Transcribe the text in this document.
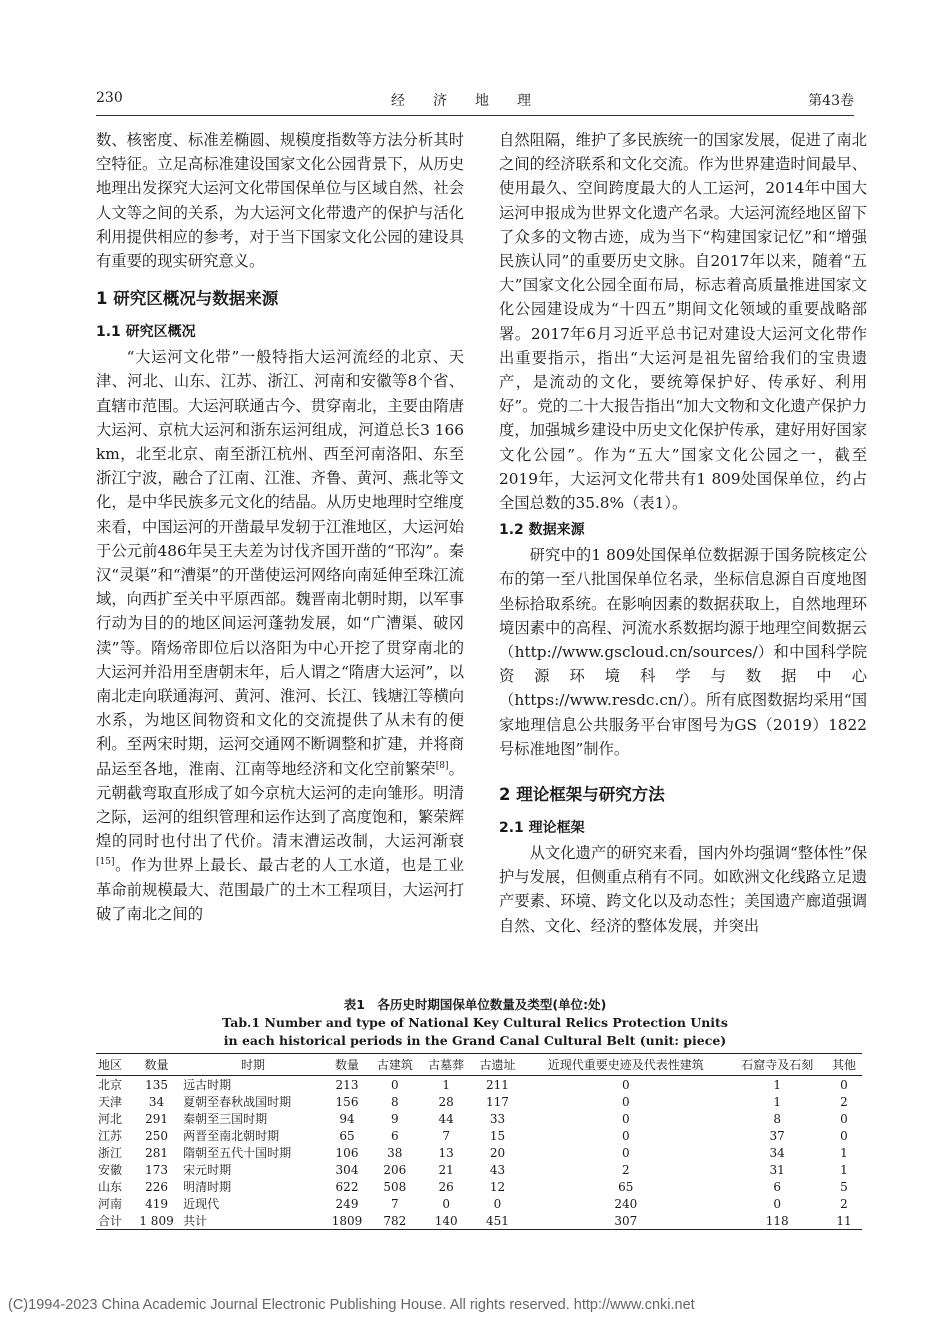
230	经济地理	第43卷

数、核密度、标准差椭圆、规模度指数等方法分析其时空特征。立足高标准建设国家文化公园背景下，从历史地理出发探究大运河文化带国保单位与区域自然、社会人文等之间的关系，为大运河文化带遗产的保护与活化利用提供相应的参考，对于当下国家文化公园的建设具有重要的现实研究意义。

1 研究区概况与数据来源
1.1 研究区概况

“大运河文化带”一般特指大运河流经的北京、天津、河北、山东、江苏、浙江、河南和安徽等8个省、直辖市范围。大运河联通古今、贯穿南北，主要由隋唐大运河、京杭大运河和浙东运河组成，河道总长3 166 km，北至北京、南至浙江杭州、西至河南洛阳、东至浙江宁波，融合了江南、江淮、齐鲁、黄河、燕北等文化，是中华民族多元文化的结晶。从历史地理时空维度来看，中国运河的开凿最早发轫于江淮地区，大运河始于公元前486年吴王夫差为讨伐齐国开凿的“邗沟”。秦汉“灵渠”和“漕渠”的开凿使运河网络向南延伸至珠江流域，向西扩至关中平原西部。魏晋南北朝时期，以军事行动为目的的地区间运河蓬勃发展，如“广漕渠、破冈渎”等。隋炀帝即位后以洛阳为中心开挖了贯穿南北的大运河并沿用至唐朝末年，后人谓之“隋唐大运河”，以南北走向联通海河、黄河、淮河、长江、钱塘江等横向水系，为地区间物资和文化的交流提供了从未有的便利。至两宋时期，运河交通网不断调整和扩建，并将商品运至各地，淮南、江南等地经济和文化空前繁荣[8]。元朝截弯取直形成了如今京杭大运河的走向雏形。明清之际，运河的组织管理和运作达到了高度饱和，繁荣辉煌的同时也付出了代价。清末漕运改制，大运河渐衰[15]。作为世界上最长、最古老的人工水道，也是工业革命前规模最大、范围最广的土木工程项目，大运河打破了南北之间的

自然阻隔，维护了多民族统一的国家发展，促进了南北之间的经济联系和文化交流。作为世界建造时间最早、使用最久、空间跨度最大的人工运河，2014年中国大运河申报成为世界文化遗产名录。大运河流经地区留下了众多的文物古迹，成为当下“构建国家记忆”和“增强民族认同”的重要历史文脉。自2017年以来，随着“五大”国家文化公园全面布局，标志着高质量推进国家文化公园建设成为“十四五”期间文化领域的重要战略部署。2017年6月习近平总书记对建设大运河文化带作出重要指示，指出“大运河是祖先留给我们的宝贵遗产，是流动的文化，要统筹保护好、传承好、利用好”。党的二十大报告指出“加大文物和文化遗产保护力度，加强城乡建设中历史文化保护传承，建好用好国家文化公园”。作为“五大”国家文化公园之一，截至2019年，大运河文化带共有1 809处国保单位，约占全国总数的35.8%（表1）。

1.2 数据来源

研究中的1 809处国保单位数据源于国务院核定公布的第一至八批国保单位名录，坐标信息源自百度地图坐标拾取系统。在影响因素的数据获取上，自然地理环境因素中的高程、河流水系数据均源于地理空间数据云（http://www.gscloud.cn/sources/）和中国科学院资源环境科学与数据中心（https://www.resdc.cn/）。所有底图数据均采用“国家地理信息公共服务平台审图号为GS（2019）1822号标准地图”制作。

2 理论框架与研究方法
2.1 理论框架

从文化遗产的研究来看，国内外均强调“整体性”保护与发展，但侧重点稍有不同。如欧洲文化线路立足遗产要素、环境、跨文化以及动态性；美国遗产廊道强调自然、文化、经济的整体发展，并突出

表1　各历史时期国保单位数量及类型(单位:处)
Tab.1 Number and type of National Key Cultural Relics Protection Units
in each historical periods in the Grand Canal Cultural Belt (unit: piece)
地区	数量	时期	数量	古建筑	古墓葬	古遗址	近现代重要史迹及代表性建筑	石窟寺及石刻	其他
北京	135	远古时期	213	0	1	211	0	1	0
天津	34	夏朝至春秋战国时期	156	8	28	117	0	1	2
河北	291	秦朝至三国时期	94	9	44	33	0	8	0
江苏	250	两晋至南北朝时期	65	6	7	15	0	37	0
浙江	281	隋朝至五代十国时期	106	38	13	20	0	34	1
安徽	173	宋元时期	304	206	21	43	2	31	1
山东	226	明清时期	622	508	26	12	65	6	5
河南	419	近现代	249	7	0	0	240	0	2
合计	1 809	共计	1809	782	140	451	307	118	11
(C)1994-2023 China Academic Journal Electronic Publishing House. All rights reserved. http://www.cnki.net
